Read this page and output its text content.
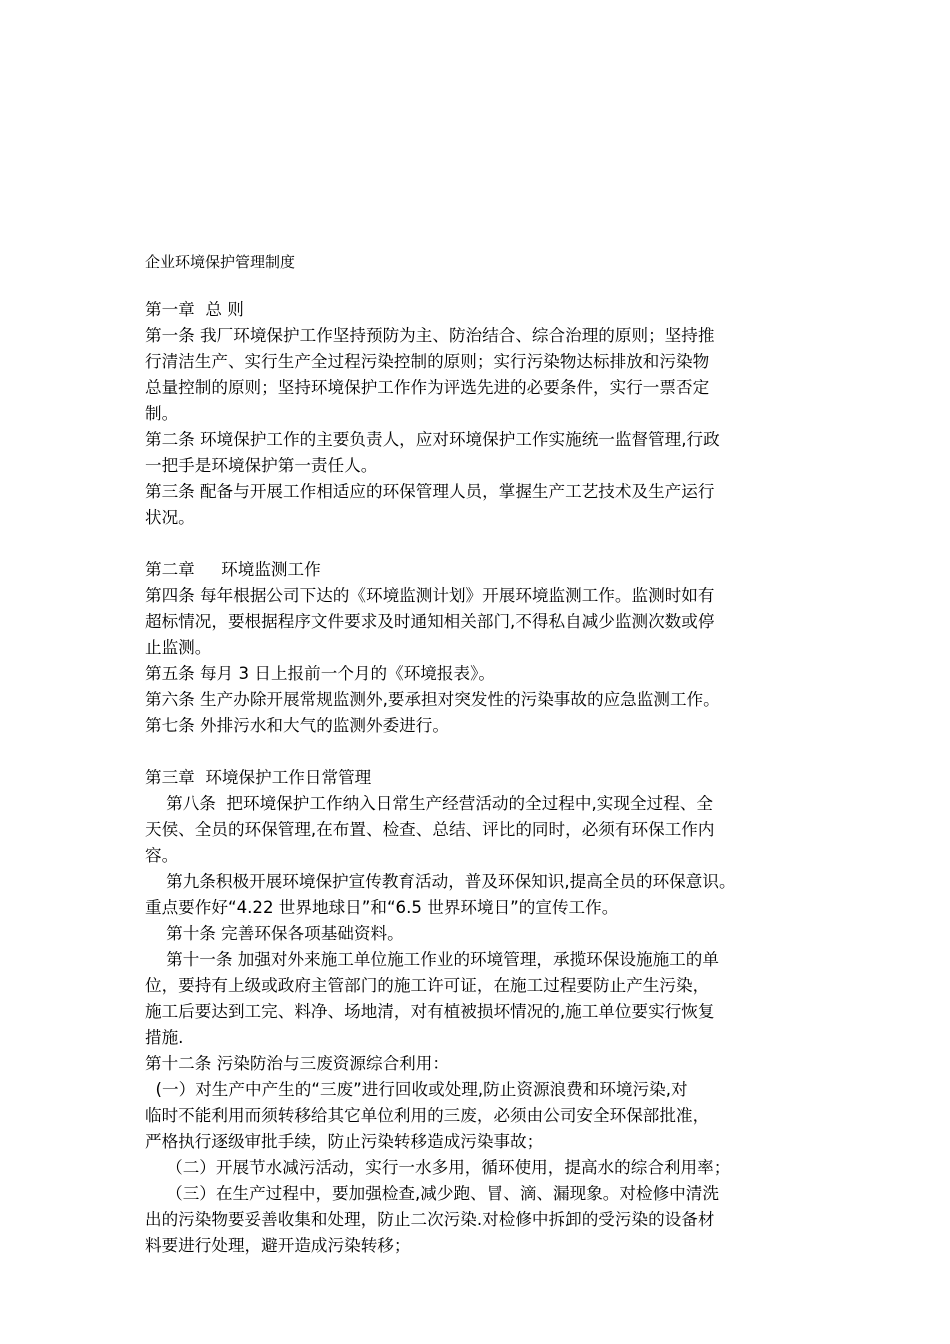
企业环境保护管理制度
第一章  总 则
第一条 我厂环境保护工作坚持预防为主、防治结合、综合治理的原则；坚持推
行清洁生产、实行生产全过程污染控制的原则；实行污染物达标排放和污染物
总量控制的原则；坚持环境保护工作作为评选先进的必要条件，实行一票否定
制。
第二条 环境保护工作的主要负责人，应对环境保护工作实施统一监督管理,行政
一把手是环境保护第一责任人。
第三条 配备与开展工作相适应的环保管理人员，掌握生产工艺技术及生产运行
状况。
第二章     环境监测工作
第四条 每年根据公司下达的《环境监测计划》开展环境监测工作。监测时如有
超标情况，要根据程序文件要求及时通知相关部门,不得私自减少监测次数或停
止监测。
第五条 每月 3 日上报前一个月的《环境报表》。
第六条 生产办除开展常规监测外,要承担对突发性的污染事故的应急监测工作。
第七条 外排污水和大气的监测外委进行。
第三章  环境保护工作日常管理
第八条  把环境保护工作纳入日常生产经营活动的全过程中,实现全过程、全
天侯、全员的环保管理,在布置、检查、总结、评比的同时，必须有环保工作内
容。
第九条积极开展环境保护宣传教育活动，普及环保知识,提高全员的环保意识。
重点要作好“4.22 世界地球日”和“6.5 世界环境日”的宣传工作。
第十条 完善环保各项基础资料。
第十一条 加强对外来施工单位施工作业的环境管理，承揽环保设施施工的单
位，要持有上级或政府主管部门的施工许可证，在施工过程要防止产生污染，
施工后要达到工完、料净、场地清，对有植被损坏情况的,施工单位要实行恢复
措施.
第十二条 污染防治与三废资源综合利用：
(一）对生产中产生的“三废”进行回收或处理,防止资源浪费和环境污染,对
临时不能利用而须转移给其它单位利用的三废，必须由公司安全环保部批准，
严格执行逐级审批手续，防止污染转移造成污染事故；
（二）开展节水减污活动，实行一水多用，循环使用，提高水的综合利用率；
（三）在生产过程中，要加强检查,减少跑、冒、滴、漏现象。对检修中清洗
出的污染物要妥善收集和处理，防止二次污染.对检修中拆卸的受污染的设备材
料要进行处理，避开造成污染转移；
